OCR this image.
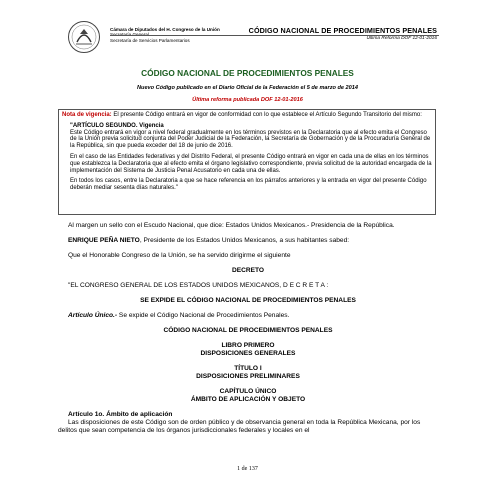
Cámara de Diputados del H. Congreso de la Unión
Secretaría General
Secretaría de Servicios Parlamentarios
CÓDIGO NACIONAL DE PROCEDIMIENTOS PENALES
Última Reforma DOF 12-01-2016
CÓDIGO NACIONAL DE PROCEDIMIENTOS PENALES
Nuevo Código publicado en el Diario Oficial de la Federación el 5 de marzo de 2014
Última reforma publicada DOF 12-01-2016

Nota de vigencia: El presente Código entrará en vigor de conformidad con lo que establece el Artículo Segundo Transitorio del mismo:

"ARTÍCULO SEGUNDO. Vigencia

Este Código entrará en vigor a nivel federal gradualmente en los términos previstos en la Declaratoria que al efecto emita el Congreso de la Unión previa solicitud conjunta del Poder Judicial de la Federación, la Secretaría de Gobernación y de la Procuraduría General de la República, sin que pueda exceder del 18 de junio de 2016.

En el caso de las Entidades federativas y del Distrito Federal, el presente Código entrará en vigor en cada una de ellas en los términos que establezca la Declaratoria que al efecto emita el órgano legislativo correspondiente, previa solicitud de la autoridad encargada de la implementación del Sistema de Justicia Penal Acusatorio en cada una de ellas.

En todos los casos, entre la Declaratoria a que se hace referencia en los párrafos anteriores y la entrada en vigor del presente Código deberán mediar sesenta días naturales."

Al margen un sello con el Escudo Nacional, que dice: Estados Unidos Mexicanos.- Presidencia de la República.

ENRIQUE PEÑA NIETO, Presidente de los Estados Unidos Mexicanos, a sus habitantes sabed:

Que el Honorable Congreso de la Unión, se ha servido dirigirme el siguiente

DECRETO

"EL CONGRESO GENERAL DE LOS ESTADOS UNIDOS MEXICANOS, D E C R E T A :

SE EXPIDE EL CÓDIGO NACIONAL DE PROCEDIMIENTOS PENALES

Artículo Único.- Se expide el Código Nacional de Procedimientos Penales.

CÓDIGO NACIONAL DE PROCEDIMIENTOS PENALES

LIBRO PRIMERO

DISPOSICIONES GENERALES

TÍTULO I

DISPOSICIONES PRELIMINARES

CAPÍTULO ÚNICO

ÁMBITO DE APLICACIÓN Y OBJETO

Artículo 1o. Ámbito de aplicación

Las disposiciones de este Código son de orden público y de observancia general en toda la República Mexicana, por los delitos que sean competencia de los órganos jurisdiccionales federales y locales en el

1 de 137
